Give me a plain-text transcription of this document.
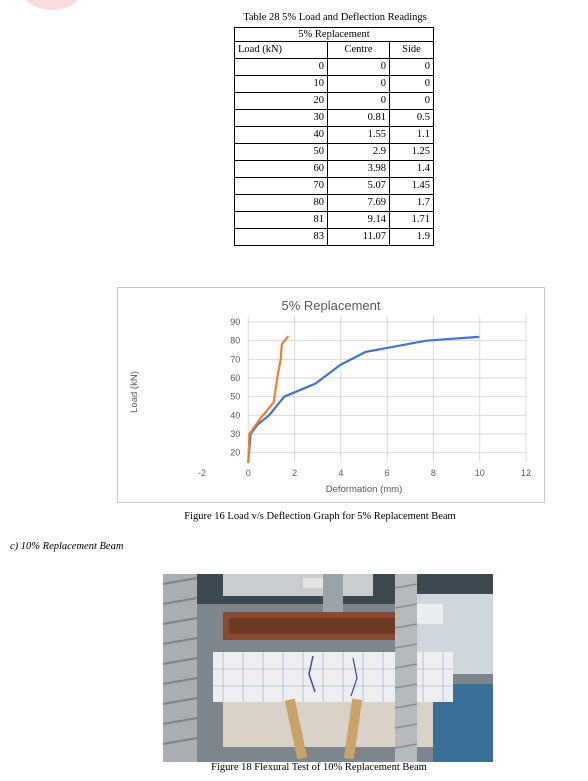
Table 28 5% Load and Deflection Readings
5% Replacement		
Load (kN)	Centre	Side
0	0	0
10	0	0
20	0	0
30	0.81	0.5
40	1.55	1.1
50	2.9	1.25
60	3.98	1.4
70	5.07	1.45
80	7.69	1.7
81	9.14	1.71
83	11.07	1.9
20
30
40
50
60
70
80
90
-2	0	2	4	6	8	10	12
5% Replacement
Deformation (mm)
Load (kN)
Figure 16 Load v/s Deflection Graph for 5% Replacement Beam
c) 10% Replacement Beam
Figure 18 Flexural Test of 10% Replacement Beam
